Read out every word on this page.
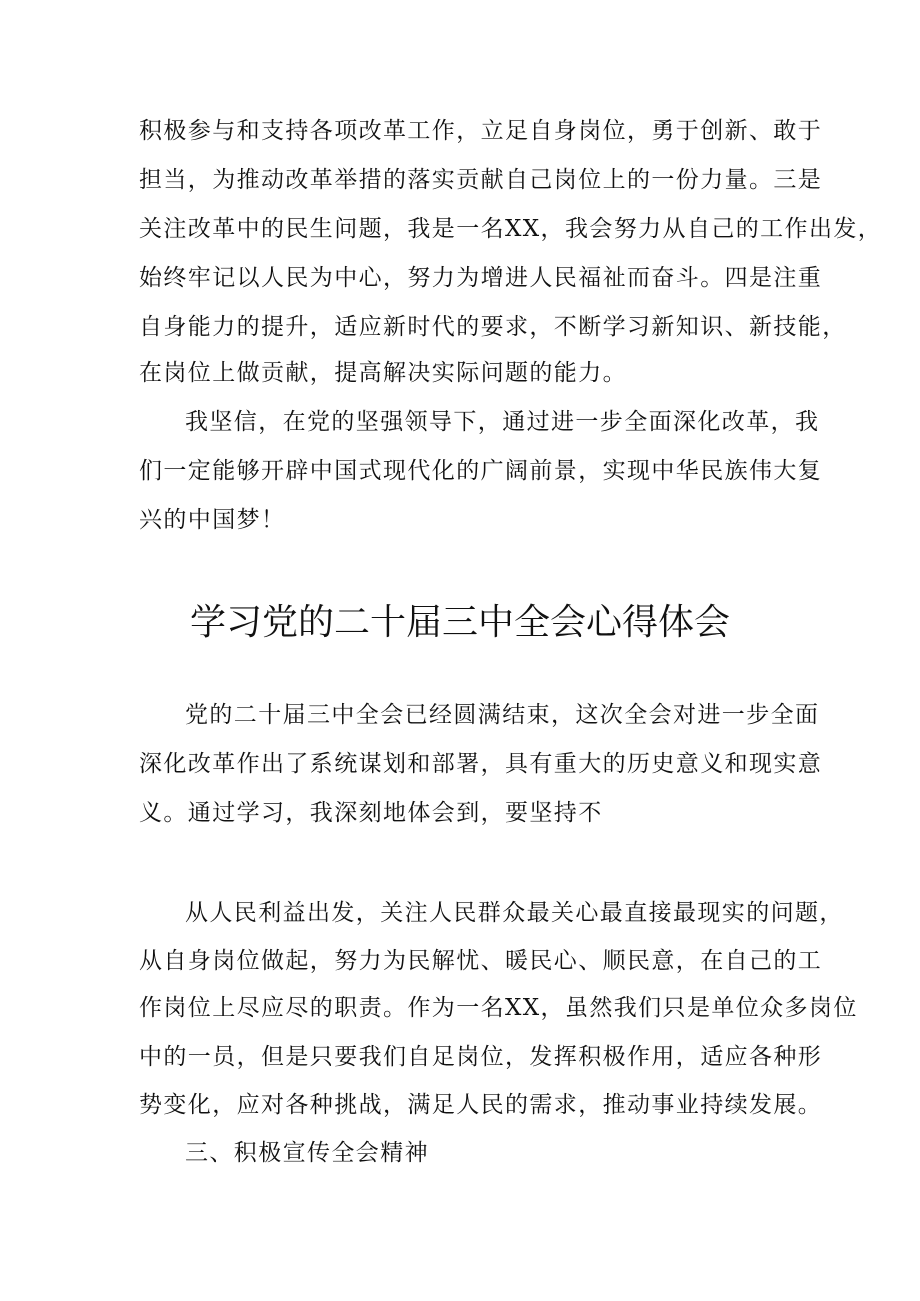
积极参与和支持各项改革工作，立足自身岗位，勇于创新、敢于
担当，为推动改革举措的落实贡献自己岗位上的一份力量。三是
关注改革中的民生问题，我是一名XX，我会努力从自己的工作出发，
始终牢记以人民为中心，努力为增进人民福祉而奋斗。四是注重
自身能力的提升，适应新时代的要求，不断学习新知识、新技能，
在岗位上做贡献，提高解决实际问题的能力。
我坚信，在党的坚强领导下，通过进一步全面深化改革，我
们一定能够开辟中国式现代化的广阔前景，实现中华民族伟大复
兴的中国梦！
学习党的二十届三中全会心得体会
党的二十届三中全会已经圆满结束，这次全会对进一步全面
深化改革作出了系统谋划和部署，具有重大的历史意义和现实意
义。通过学习，我深刻地体会到，要坚持不
从人民利益出发，关注人民群众最关心最直接最现实的问题，
从自身岗位做起，努力为民解忧、暖民心、顺民意，在自己的工
作岗位上尽应尽的职责。作为一名XX，虽然我们只是单位众多岗位
中的一员，但是只要我们自足岗位，发挥积极作用，适应各种形
势变化，应对各种挑战，满足人民的需求，推动事业持续发展。
三、积极宣传全会精神
